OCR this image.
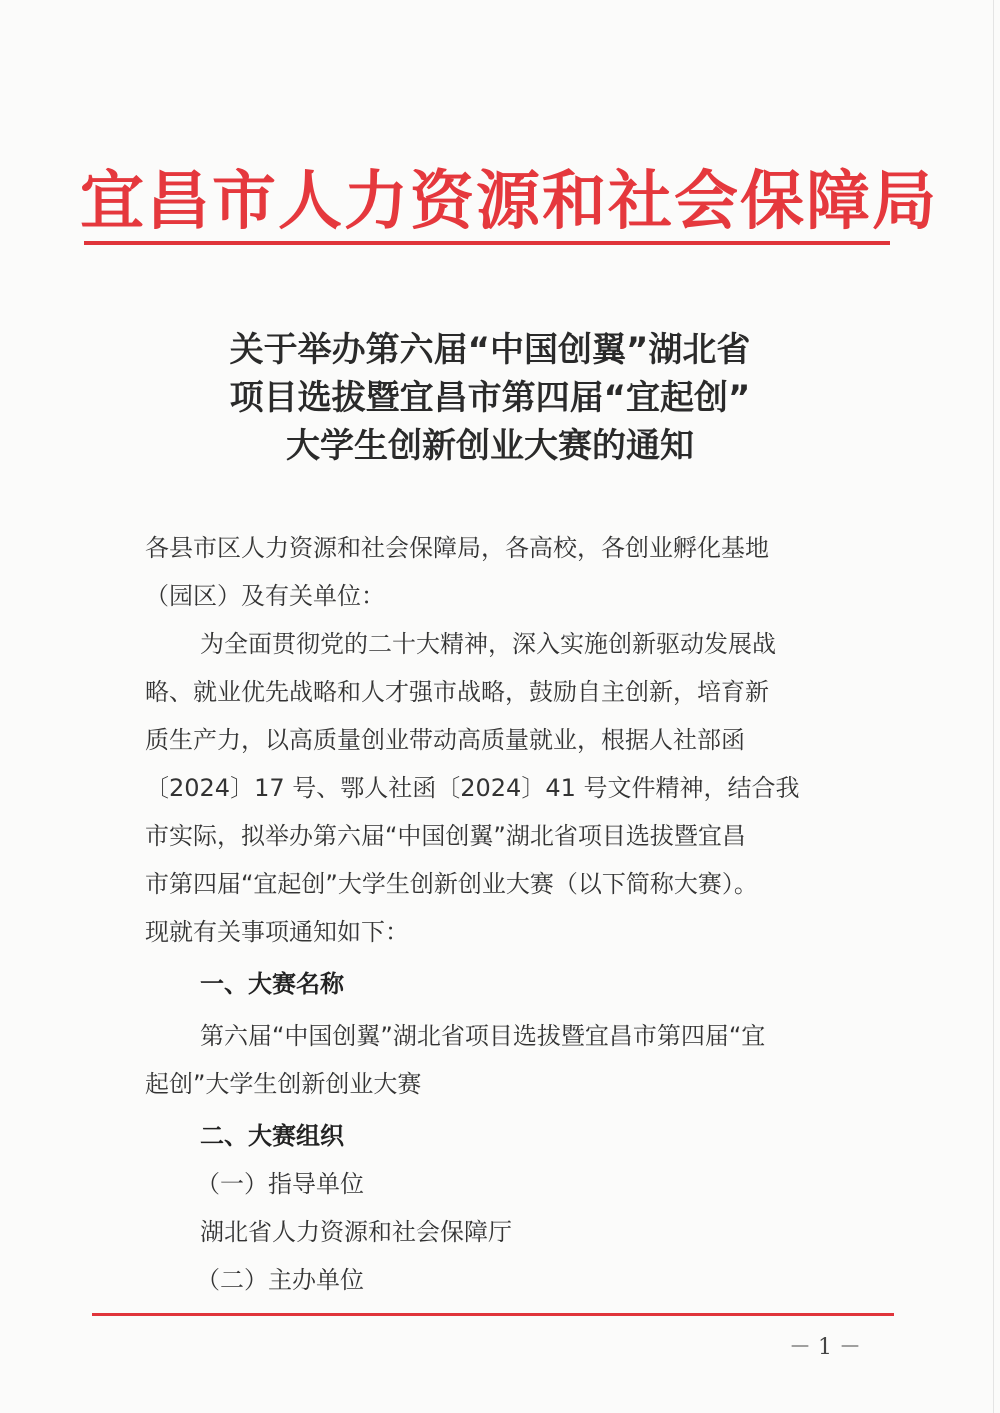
宜昌市人力资源和社会保障局
关于举办第六届“中国创翼”湖北省
项目选拔暨宜昌市第四届“宜起创”
大学生创新创业大赛的通知
各县市区人力资源和社会保障局，各高校，各创业孵化基地
（园区）及有关单位：
为全面贯彻党的二十大精神，深入实施创新驱动发展战
略、就业优先战略和人才强市战略，鼓励自主创新，培育新
质生产力，以高质量创业带动高质量就业，根据人社部函
〔2024〕17 号、鄂人社函〔2024〕41 号文件精神，结合我
市实际，拟举办第六届“中国创翼”湖北省项目选拔暨宜昌
市第四届“宜起创”大学生创新创业大赛（以下简称大赛）。
现就有关事项通知如下：
一、大赛名称
第六届“中国创翼”湖北省项目选拔暨宜昌市第四届“宜
起创”大学生创新创业大赛
二、大赛组织
（一）指导单位
湖北省人力资源和社会保障厅
（二）主办单位
－ 1 －
